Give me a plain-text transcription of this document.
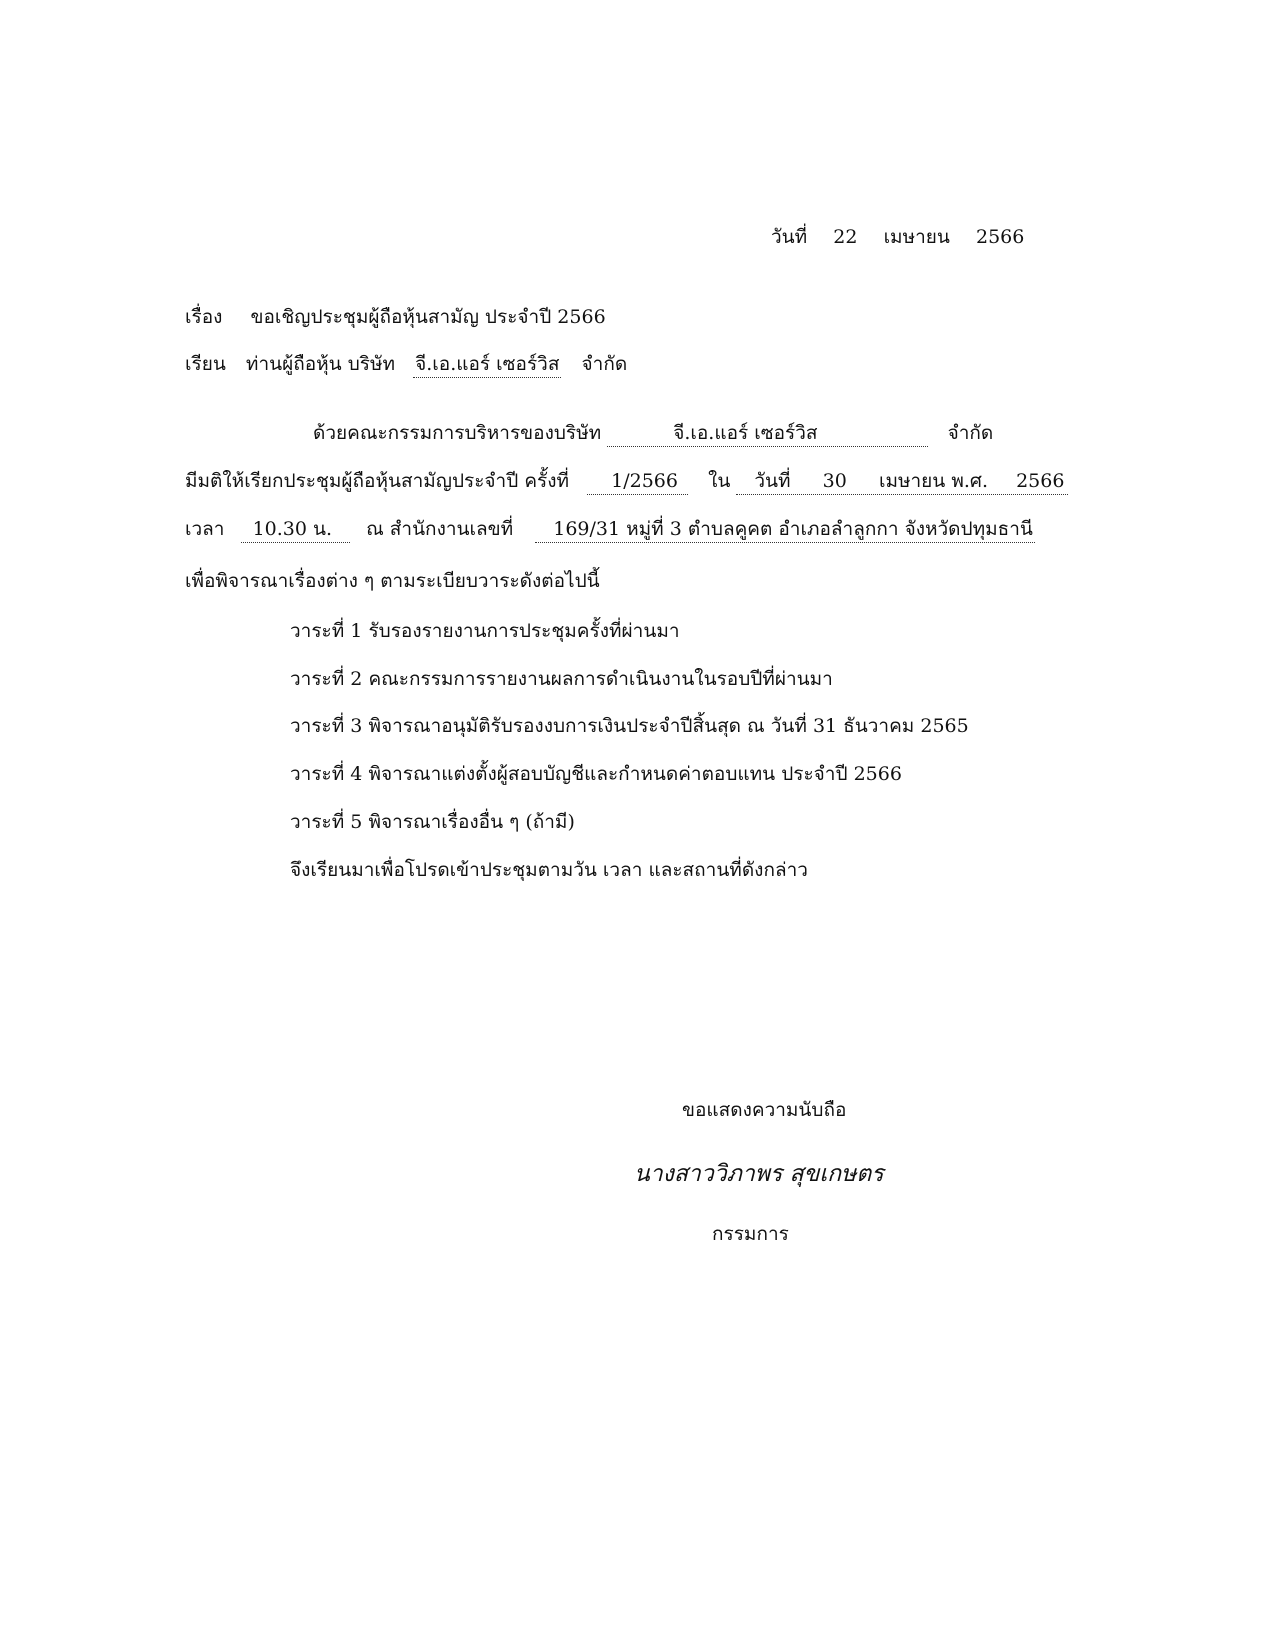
วันที่ 22 เมษายน 2566
เรื่อง ขอเชิญประชุมผู้ถือหุ้นสามัญ ประจำปี 2566
เรียน ท่านผู้ถือหุ้น บริษัท จี.เอ.แอร์ เซอร์วิส จำกัด
ด้วยคณะกรรมการบริหารของบริษัท	จี.เอ.แอร์ เซอร์วิส	จำกัด
มีมติให้เรียกประชุมผู้ถือหุ้นสามัญประจำปี ครั้งที่ 1/2566 ใน วันที่ 30 เมษายน พ.ศ. 2566
เวลา 10.30 น. ณ สำนักงานเลขที่ 169/31 หมู่ที่ 3 ตำบลคูคต อำเภอลำลูกกา จังหวัดปทุมธานี
เพื่อพิจารณาเรื่องต่าง ๆ ตามระเบียบวาระดังต่อไปนี้
วาระที่ 1 รับรองรายงานการประชุมครั้งที่ผ่านมา
วาระที่ 2 คณะกรรมการรายงานผลการดำเนินงานในรอบปีที่ผ่านมา
วาระที่ 3 พิจารณาอนุมัติรับรองงบการเงินประจำปีสิ้นสุด ณ วันที่ 31 ธันวาคม 2565
วาระที่ 4 พิจารณาแต่งตั้งผู้สอบบัญชีและกำหนดค่าตอบแทน ประจำปี 2566
วาระที่ 5 พิจารณาเรื่องอื่น ๆ (ถ้ามี)
จึงเรียนมาเพื่อโปรดเข้าประชุมตามวัน เวลา และสถานที่ดังกล่าว
ขอแสดงความนับถือ
นางสาววิภาพร สุขเกษตร
กรรมการ
